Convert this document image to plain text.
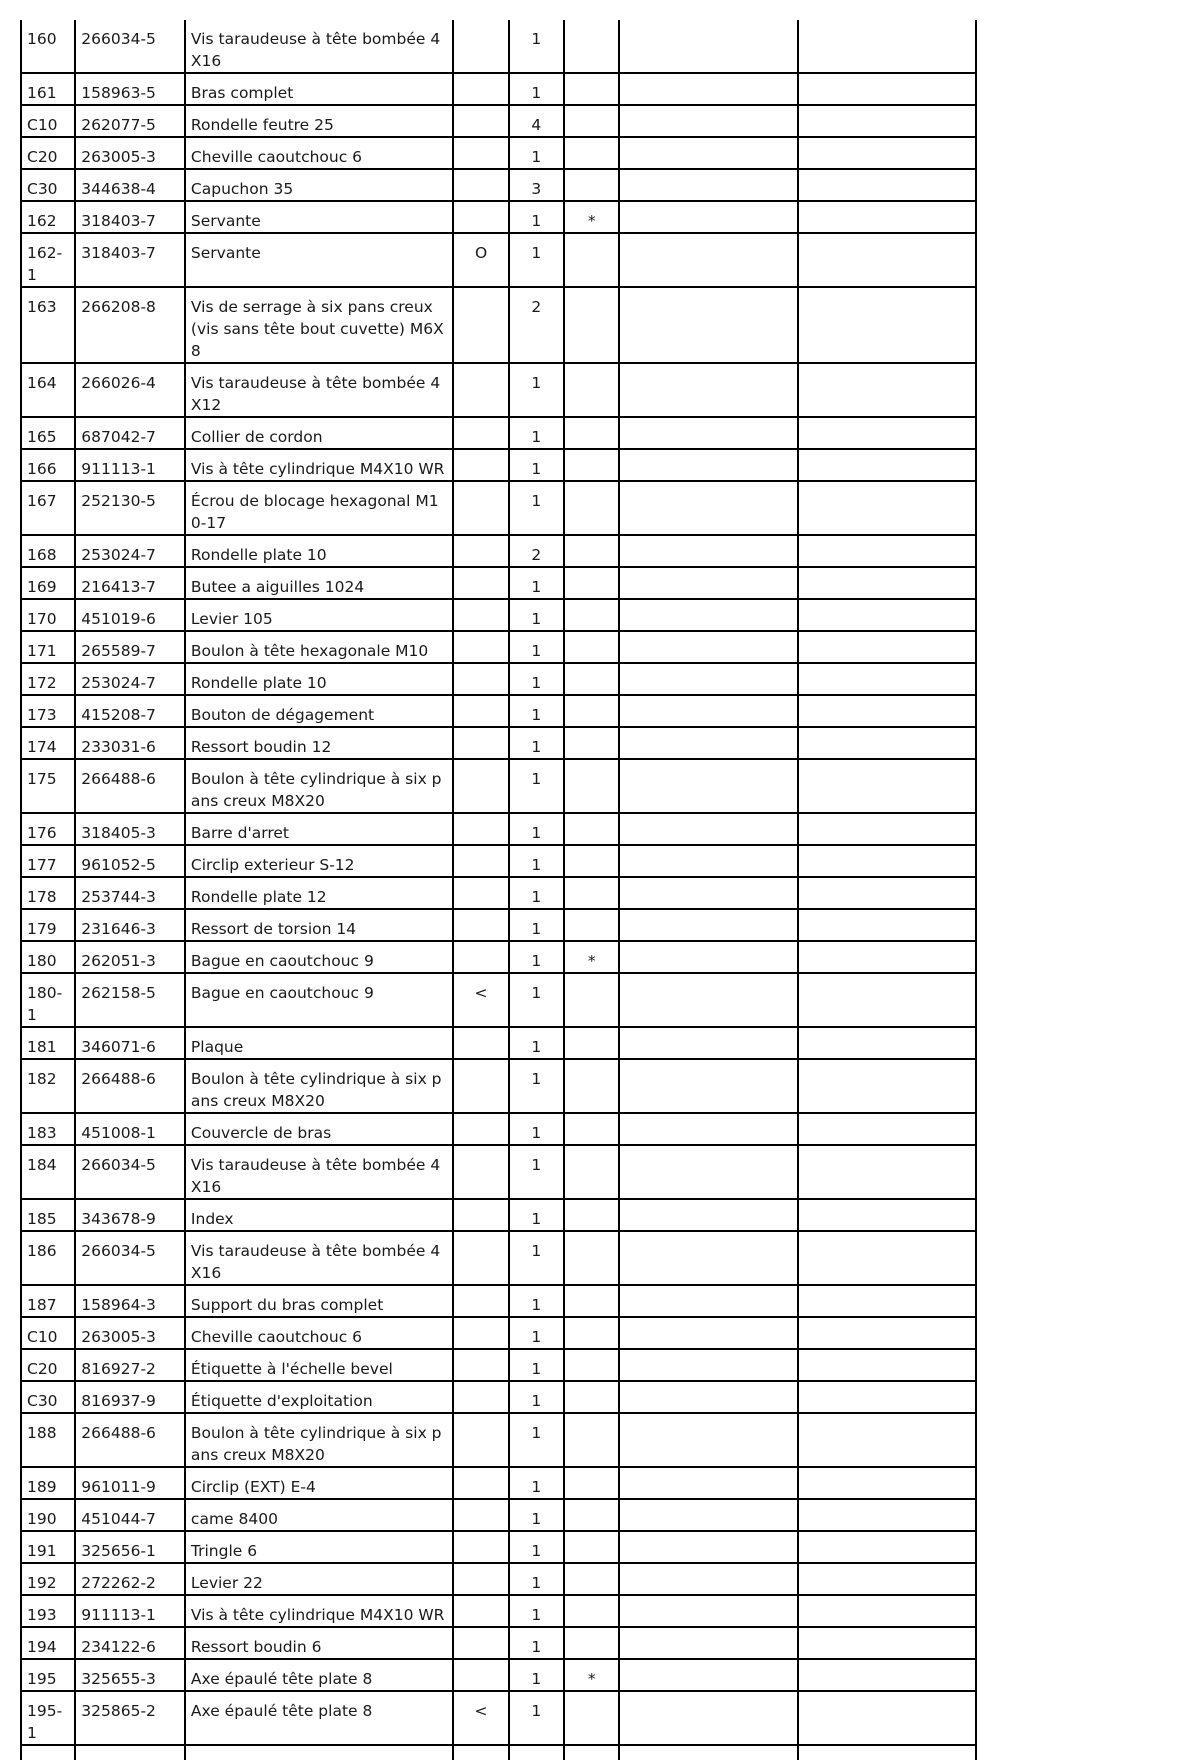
160	266034-5	Vis taraudeuse à tête bombée 4X16		1			
161	158963-5	Bras complet		1			
C10	262077-5	Rondelle feutre 25		4			
C20	263005-3	Cheville caoutchouc 6		1			
C30	344638-4	Capuchon 35		3			
162	318403-7	Servante		1	*		
162-1	318403-7	Servante	O	1			
163	266208-8	Vis de serrage à six pans creux (vis sans tête bout cuvette) M6X8		2			
164	266026-4	Vis taraudeuse à tête bombée 4X12		1			
165	687042-7	Collier de cordon		1			
166	911113-1	Vis à tête cylindrique M4X10 WR		1			
167	252130-5	Écrou de blocage hexagonal M10-17		1			
168	253024-7	Rondelle plate 10		2			
169	216413-7	Butee a aiguilles 1024		1			
170	451019-6	Levier 105		1			
171	265589-7	Boulon à tête hexagonale M10		1			
172	253024-7	Rondelle plate 10		1			
173	415208-7	Bouton de dégagement		1			
174	233031-6	Ressort boudin 12		1			
175	266488-6	Boulon à tête cylindrique à six pans creux M8X20		1			
176	318405-3	Barre d'arret		1			
177	961052-5	Circlip exterieur S-12		1			
178	253744-3	Rondelle plate 12		1			
179	231646-3	Ressort de torsion 14		1			
180	262051-3	Bague en caoutchouc 9		1	*		
180-1	262158-5	Bague en caoutchouc 9	<	1			
181	346071-6	Plaque		1			
182	266488-6	Boulon à tête cylindrique à six pans creux M8X20		1			
183	451008-1	Couvercle de bras		1			
184	266034-5	Vis taraudeuse à tête bombée 4X16		1			
185	343678-9	Index		1			
186	266034-5	Vis taraudeuse à tête bombée 4X16		1			
187	158964-3	Support du bras complet		1			
C10	263005-3	Cheville caoutchouc 6		1			
C20	816927-2	Étiquette à l'échelle bevel		1			
C30	816937-9	Étiquette d'exploitation		1			
188	266488-6	Boulon à tête cylindrique à six pans creux M8X20		1			
189	961011-9	Circlip (EXT) E-4		1			
190	451044-7	came 8400		1			
191	325656-1	Tringle 6		1			
192	272262-2	Levier 22		1			
193	911113-1	Vis à tête cylindrique M4X10 WR		1			
194	234122-6	Ressort boudin 6		1			
195	325655-3	Axe épaulé tête plate 8		1	*		
195-1	325865-2	Axe épaulé tête plate 8	<	1			
